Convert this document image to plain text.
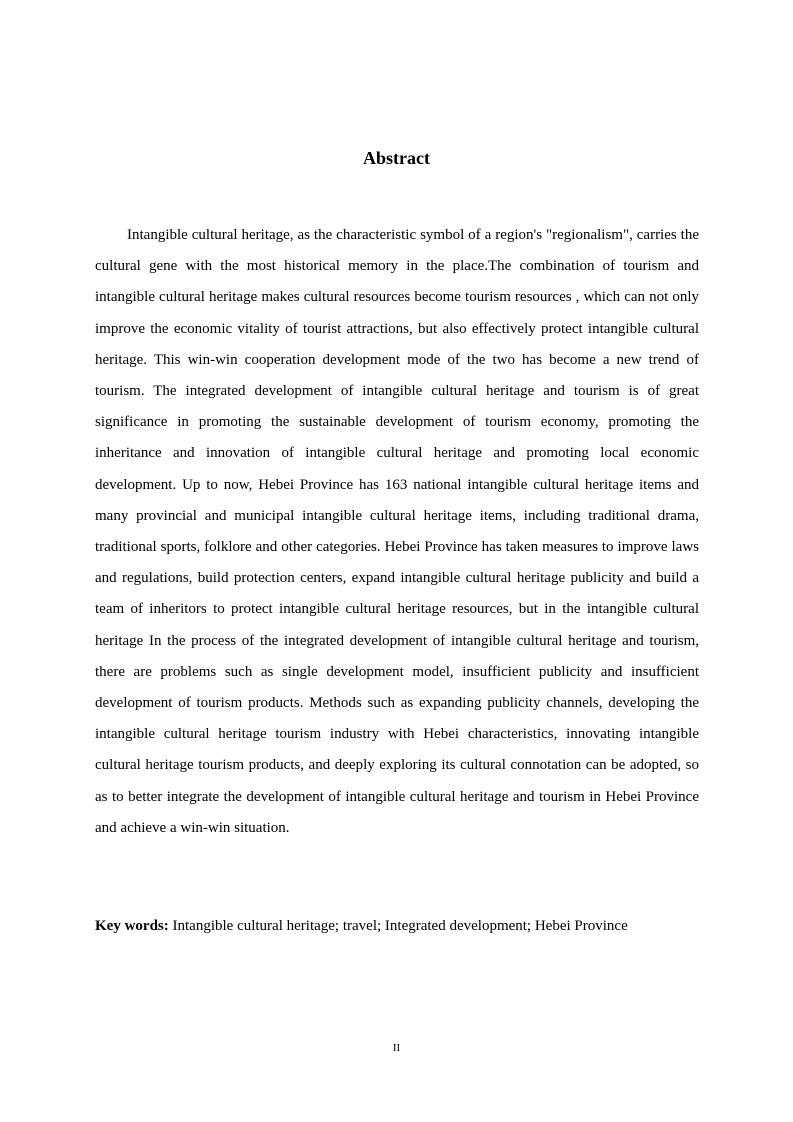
Abstract

Intangible cultural heritage, as the characteristic symbol of a region's "regionalism", carries the cultural gene with the most historical memory in the place.The combination of tourism and intangible cultural heritage makes cultural resources become tourism resources , which can not only improve the economic vitality of tourist attractions, but also effectively protect intangible cultural heritage. This win-win cooperation development mode of the two has become a new trend of tourism. The integrated development of intangible cultural heritage and tourism is of great significance in promoting the sustainable development of tourism economy, promoting the inheritance and innovation of intangible cultural heritage and promoting local economic development. Up to now, Hebei Province has 163 national intangible cultural heritage items and many provincial and municipal intangible cultural heritage items, including traditional drama, traditional sports, folklore and other categories. Hebei Province has taken measures to improve laws and regulations, build protection centers, expand intangible cultural heritage publicity and build a team of inheritors to protect intangible cultural heritage resources, but in the intangible cultural heritage In the process of the integrated development of intangible cultural heritage and tourism, there are problems such as single development model, insufficient publicity and insufficient development of tourism products. Methods such as expanding publicity channels, developing the intangible cultural heritage tourism industry with Hebei characteristics, innovating intangible cultural heritage tourism products, and deeply exploring its cultural connotation can be adopted, so as to better integrate the development of intangible cultural heritage and tourism in Hebei Province and achieve a win-win situation.

Key words: Intangible cultural heritage; travel; Integrated development; Hebei Province

II
